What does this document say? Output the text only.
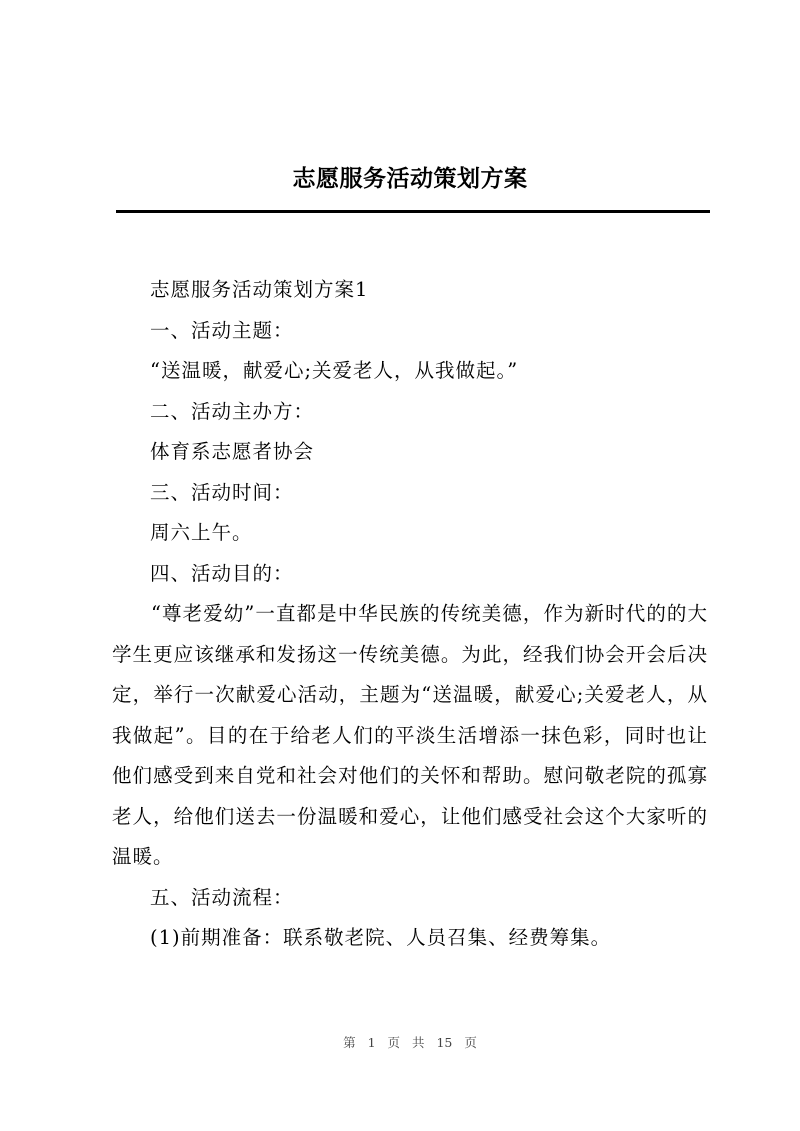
志愿服务活动策划方案
志愿服务活动策划方案1
一、活动主题：
“送温暖，献爱心;关爱老人，从我做起。”
二、活动主办方：
体育系志愿者协会
三、活动时间：
周六上午。
四、活动目的：

“尊老爱幼”一直都是中华民族的传统美德，作为新时代的的大学生更应该继承和发扬这一传统美德。为此，经我们协会开会后决定，举行一次献爱心活动，主题为“送温暖，献爱心;关爱老人，从我做起”。目的在于给老人们的平淡生活增添一抹色彩，同时也让他们感受到来自党和社会对他们的关怀和帮助。慰问敬老院的孤寡老人，给他们送去一份温暖和爱心，让他们感受社会这个大家听的温暖。

五、活动流程：
(1)前期准备：联系敬老院、人员召集、经费筹集。
第 1 页 共 15 页
